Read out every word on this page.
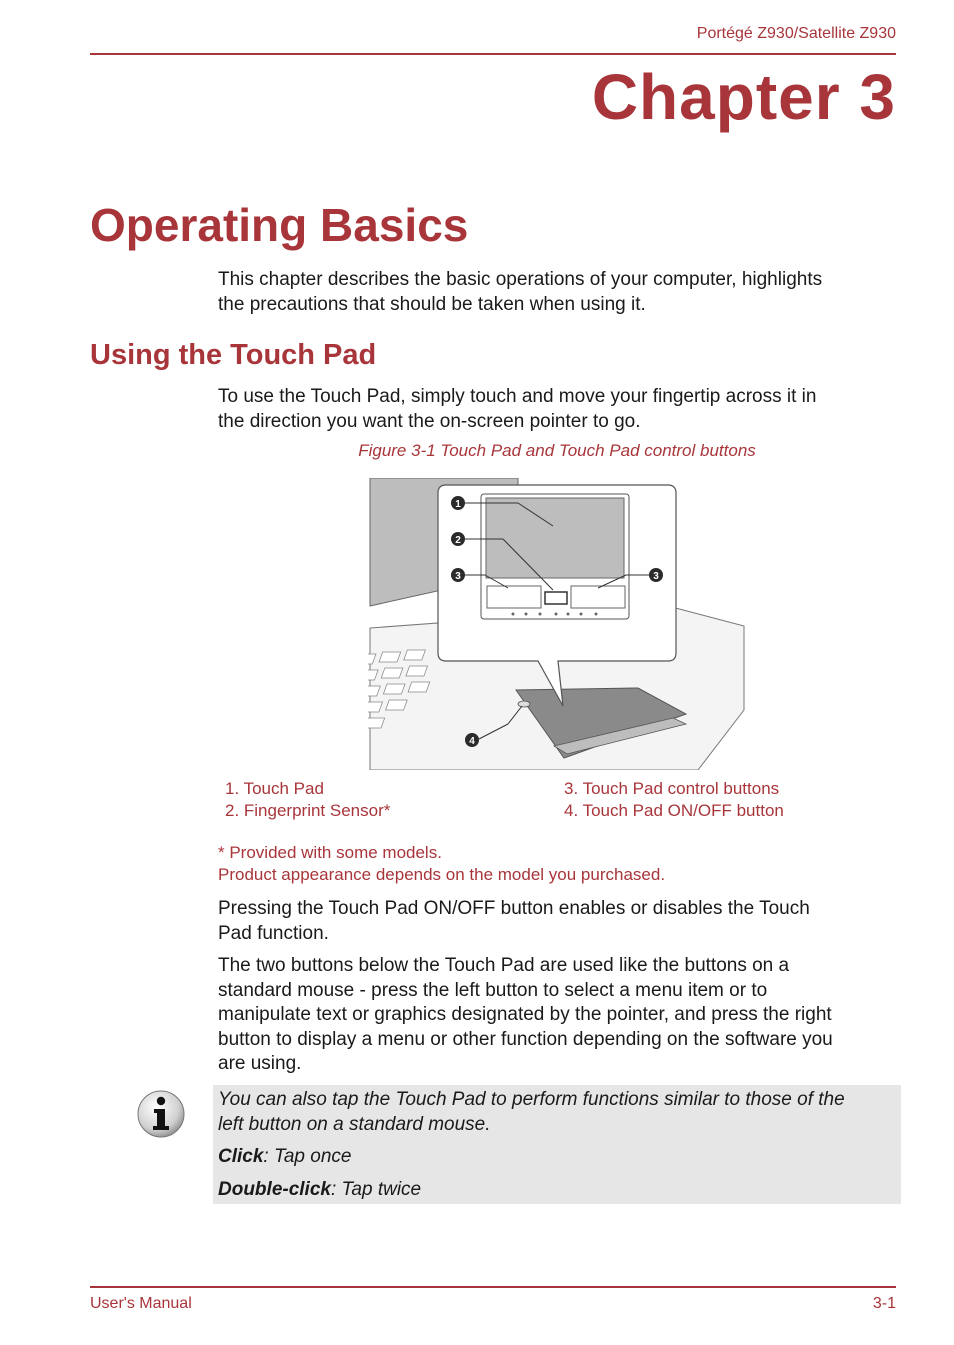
Portégé Z930/Satellite Z930
Chapter 3
Operating Basics
This chapter describes the basic operations of your computer, highlights
the precautions that should be taken when using it.
Using the Touch Pad
To use the Touch Pad, simply touch and move your fingertip across it in
the direction you want the on-screen pointer to go.
Figure 3-1 Touch Pad and Touch Pad control buttons
1
2
3	3
4
1. Touch Pad
2. Fingerprint Sensor*
3. Touch Pad control buttons
4. Touch Pad ON/OFF button
* Provided with some models.
Product appearance depends on the model you purchased.
Pressing the Touch Pad ON/OFF button enables or disables the Touch
Pad function.
The two buttons below the Touch Pad are used like the buttons on a
standard mouse - press the left button to select a menu item or to
manipulate text or graphics designated by the pointer, and press the right
button to display a menu or other function depending on the software you
are using.
You can also tap the Touch Pad to perform functions similar to those of the
left button on a standard mouse.
Click: Tap once
Double-click: Tap twice
User's Manual	3-1
